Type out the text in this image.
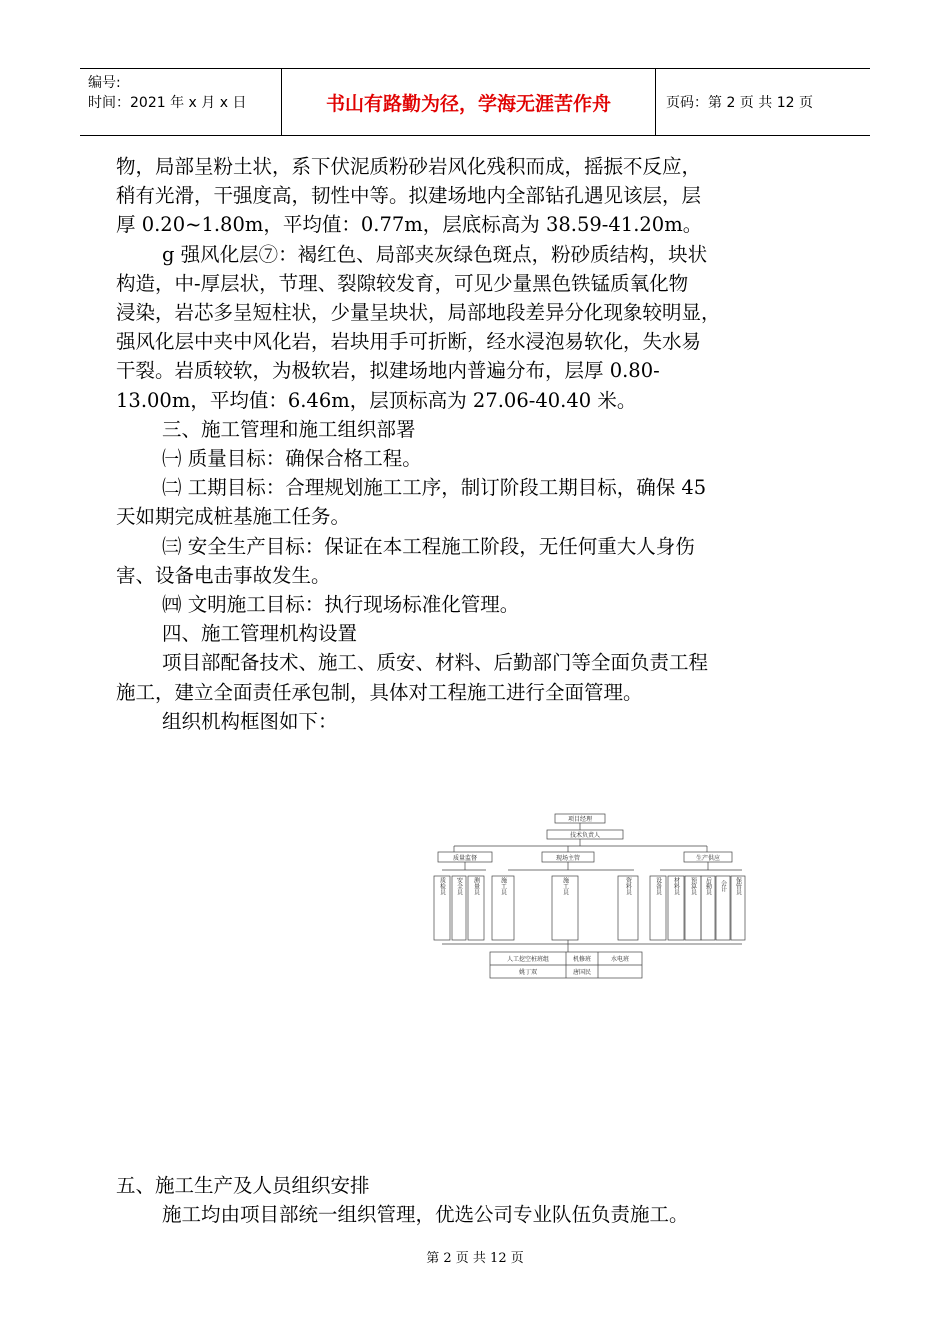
编号:
时间：2021 年 x 月 x 日	书山有路勤为径，学海无涯苦作舟	页码：第 2 页 共 12 页

物，局部呈粉土状，系下伏泥质粉砂岩风化残积而成，摇振不反应，

稍有光滑，干强度高，韧性中等。拟建场地内全部钻孔遇见该层，层

厚 0.20~1.80m，平均值：0.77m，层底标高为 38.59-41.20m。

g 强风化层⑦：褐红色、局部夹灰绿色斑点，粉砂质结构，块状

构造，中-厚层状，节理、裂隙较发育，可见少量黑色铁锰质氧化物

浸染，岩芯多呈短柱状，少量呈块状，局部地段差异分化现象较明显，

强风化层中夹中风化岩，岩块用手可折断，经水浸泡易软化，失水易

干裂。岩质较软，为极软岩，拟建场地内普遍分布，层厚 0.80-

13.00m，平均值：6.46m，层顶标高为 27.06-40.40 米。

三、施工管理和施工组织部署

㈠ 质量目标：确保合格工程。

㈡ 工期目标：合理规划施工工序，制订阶段工期目标，确保 45

天如期完成桩基施工任务。

㈢ 安全生产目标：保证在本工程施工阶段，无任何重大人身伤

害、设备电击事故发生。

㈣ 文明施工目标：执行现场标准化管理。

四、施工管理机构设置

项目部配备技术、施工、质安、材料、后勤部门等全面负责工程

施工，建立全面责任承包制，具体对工程施工进行全面管理。

组织机构框图如下：

项目经理
技术负责人
质量监督	现场主管	生产供应
质检员 安全员 测量员	施工员	施工员	资料员	设备员 材料员 预算员 后勤员 会计 保管员
人工挖空桩班组	机修班	水电班
姚丁双	唐国民

五、施工生产及人员组织安排

施工均由项目部统一组织管理，优选公司专业队伍负责施工。

第 2 页 共 12 页
